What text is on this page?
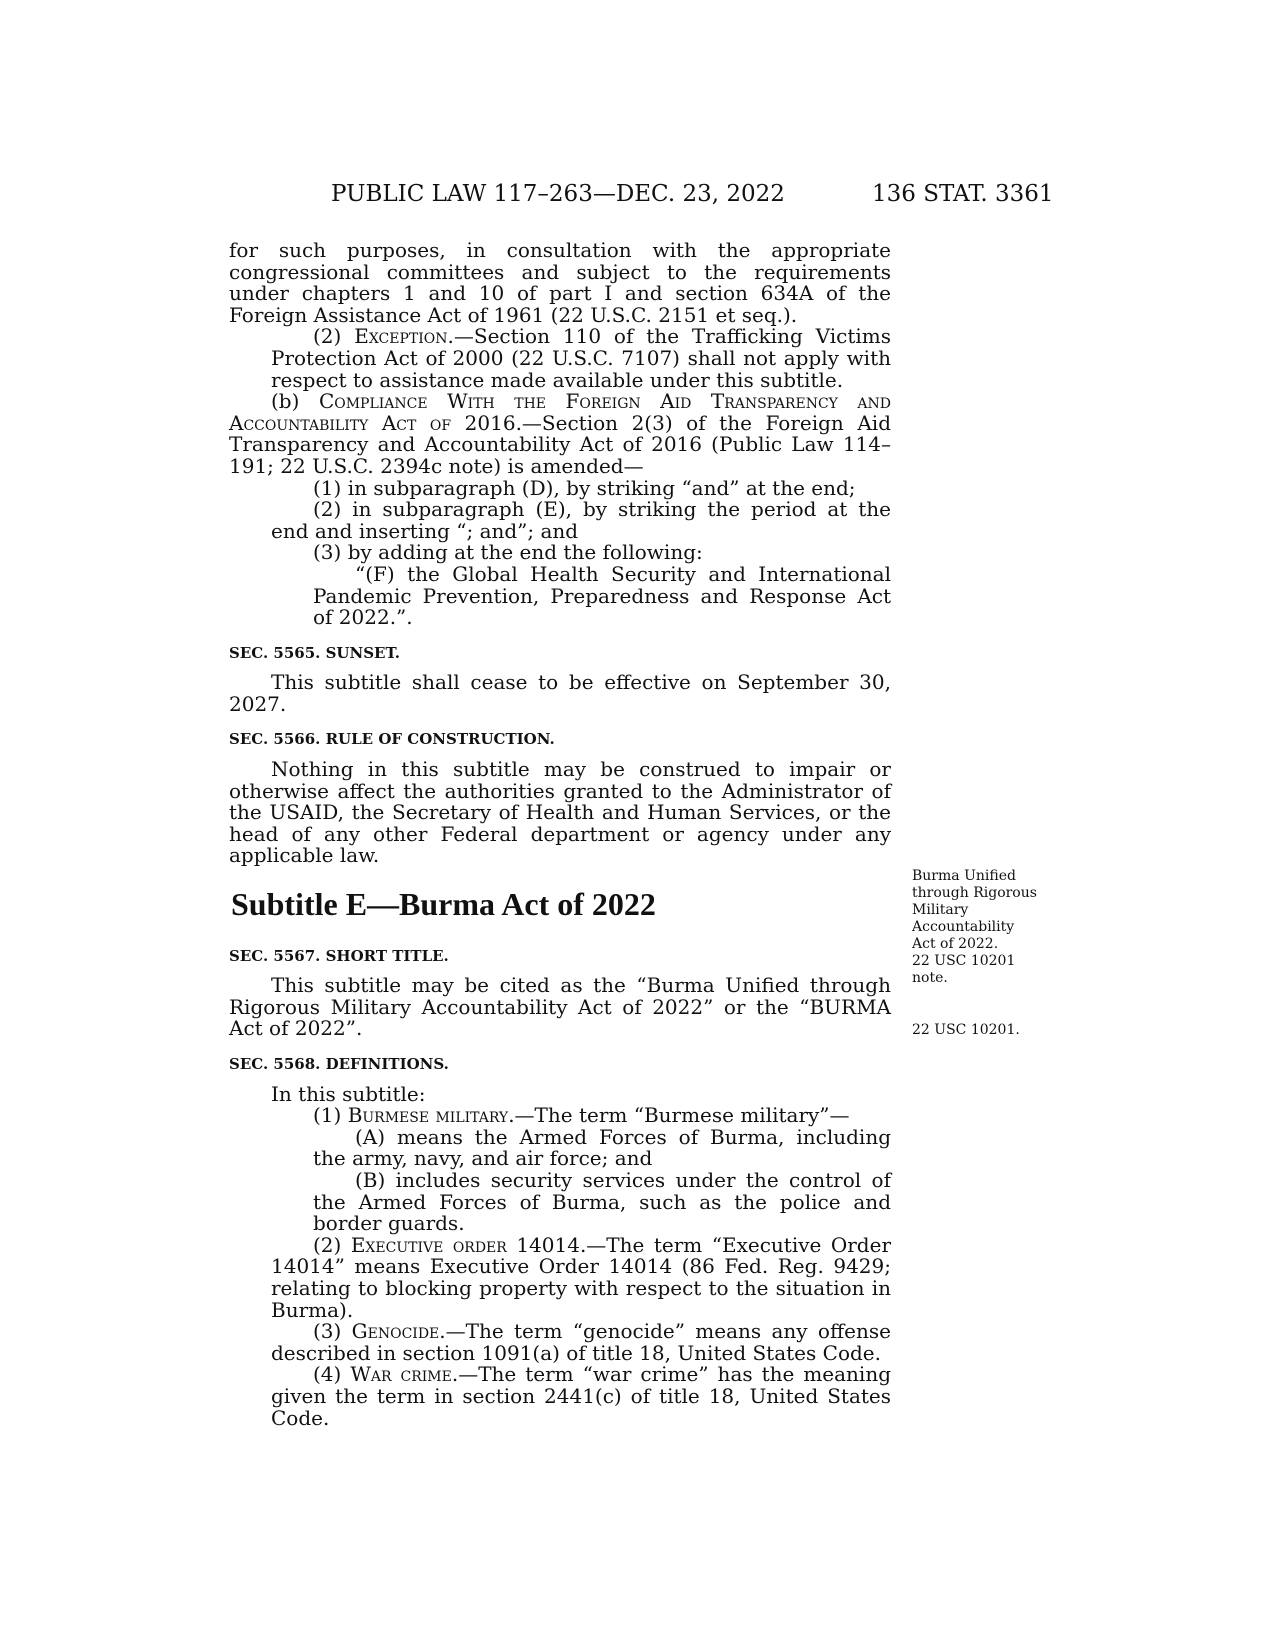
PUBLIC LAW 117–263—DEC. 23, 2022	136 STAT. 3361

for such purposes, in consultation with the appropriate congressional committees and subject to the requirements under chapters 1 and 10 of part I and section 634A of the Foreign Assistance Act of 1961 (22 U.S.C. 2151 et seq.).

(2) Exception.—Section 110 of the Trafficking Victims Protection Act of 2000 (22 U.S.C. 7107) shall not apply with respect to assistance made available under this subtitle.

(b) Compliance With the Foreign Aid Transparency and Accountability Act of 2016.—Section 2(3) of the Foreign Aid Transparency and Accountability Act of 2016 (Public Law 114–191; 22 U.S.C. 2394c note) is amended—

(1) in subparagraph (D), by striking “and” at the end;

(2) in subparagraph (E), by striking the period at the end and inserting “; and”; and

(3) by adding at the end the following:

“(F) the Global Health Security and International Pandemic Prevention, Preparedness and Response Act of 2022.”.

SEC. 5565. SUNSET.

This subtitle shall cease to be effective on September 30, 2027.

SEC. 5566. RULE OF CONSTRUCTION.

Nothing in this subtitle may be construed to impair or otherwise affect the authorities granted to the Administrator of the USAID, the Secretary of Health and Human Services, or the head of any other Federal department or agency under any applicable law.

Subtitle E—Burma Act of 2022

SEC. 5567. SHORT TITLE.

This subtitle may be cited as the “Burma Unified through Rigorous Military Accountability Act of 2022” or the “BURMA Act of 2022”.

SEC. 5568. DEFINITIONS.

In this subtitle:

(1) Burmese military.—The term “Burmese military”—

(A) means the Armed Forces of Burma, including the army, navy, and air force; and

(B) includes security services under the control of the Armed Forces of Burma, such as the police and border guards.

(2) Executive order 14014.—The term “Executive Order 14014” means Executive Order 14014 (86 Fed. Reg. 9429; relating to blocking property with respect to the situation in Burma).

(3) Genocide.—The term “genocide” means any offense described in section 1091(a) of title 18, United States Code.

(4) War crime.—The term “war crime” has the meaning given the term in section 2441(c) of title 18, United States Code.

Burma Unified through Rigorous Military Accountability Act of 2022.

22 USC 10201 note.

22 USC 10201.
